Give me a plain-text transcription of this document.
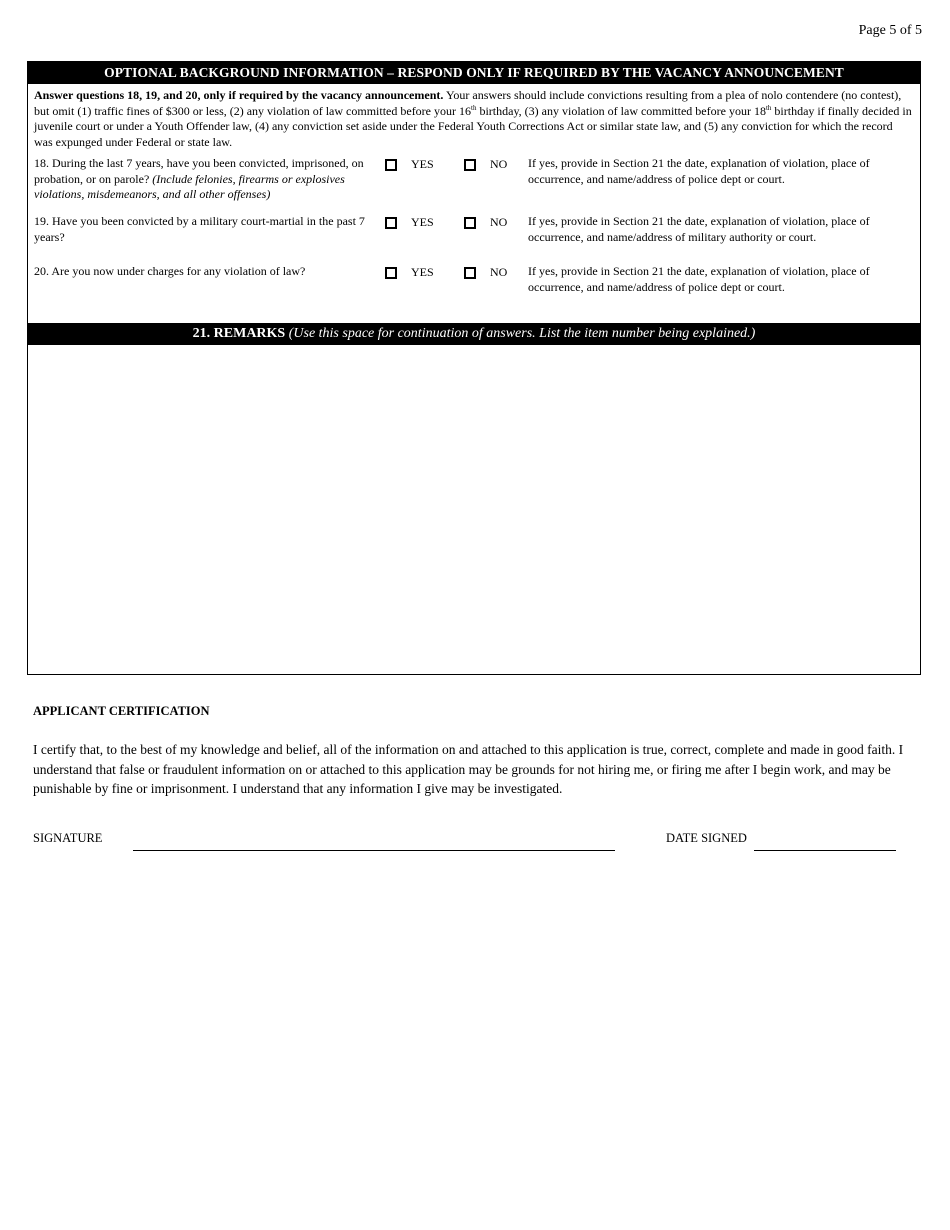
Page 5 of 5
OPTIONAL BACKGROUND INFORMATION – RESPOND ONLY IF REQUIRED BY THE VACANCY ANNOUNCEMENT
Answer questions 18, 19, and 20, only if required by the vacancy announcement. Your answers should include convictions resulting from a plea of nolo contendere (no contest), but omit (1) traffic fines of $300 or less, (2) any violation of law committed before your 16th birthday, (3) any violation of law committed before your 18th birthday if finally decided in juvenile court or under a Youth Offender law, (4) any conviction set aside under the Federal Youth Corrections Act or similar state law, and (5) any conviction for which the record was expunged under Federal or state law.
18. During the last 7 years, have you been convicted, imprisoned, on probation, or on parole? (Include felonies, firearms or explosives violations, misdemeanors, and all other offenses)
YES	NO If yes, provide in Section 21 the date, explanation of violation, place of occurrence, and name/address of police dept or court.
19. Have you been convicted by a military court-martial in the past 7 years?
YES	NO If yes, provide in Section 21 the date, explanation of violation, place of occurrence, and name/address of military authority or court.
20. Are you now under charges for any violation of law?	YES	NO If yes, provide in Section 21 the date, explanation of violation, place of occurrence, and name/address of police dept or court.
21. REMARKS (Use this space for continuation of answers. List the item number being explained.)
APPLICANT CERTIFICATION
I certify that, to the best of my knowledge and belief, all of the information on and attached to this application is true, correct, complete and made in good faith. I understand that false or fraudulent information on or attached to this application may be grounds for not hiring me, or firing me after I begin work, and may be punishable by fine or imprisonment. I understand that any information I give may be investigated.
SIGNATURE	DATE SIGNED
